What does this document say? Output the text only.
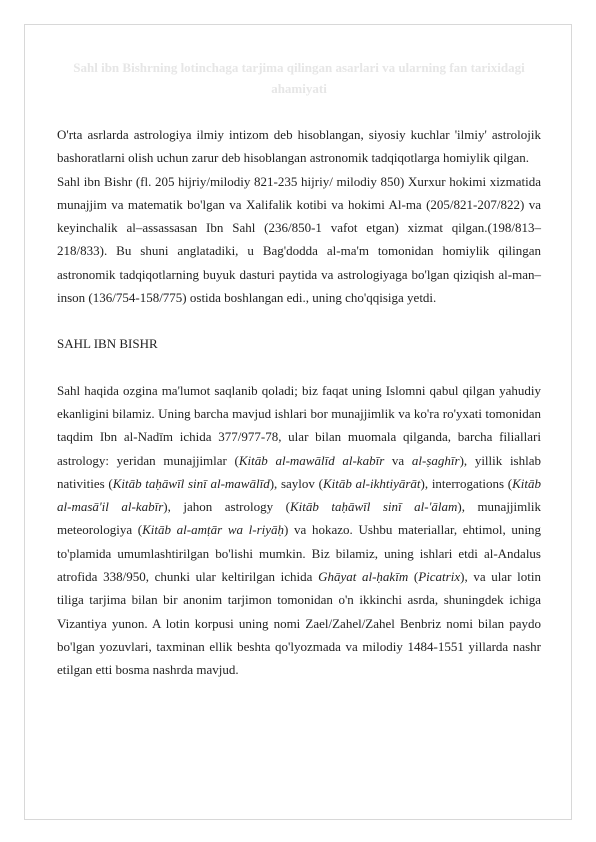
Sahl ibn Bishrning lotinchaga tarjima qilingan asarlari va ularning fan tarixidagi ahamiyati

O'rta asrlarda astrologiya ilmiy intizom deb hisoblangan, siyosiy kuchlar 'ilmiy' astrolojik bashoratlarni olish uchun zarur deb hisoblangan astronomik tadqiqotlarga homiylik qilgan.

Sahl ibn Bishr (fl. 205 hijriy/milodiy 821-235 hijriy/ milodiy 850) Xurxur hokimi xizmatida munajjim va matematik bo'lgan va Xalifalik kotibi va hokimi Al-ma (205/821-207/822) va keyinchalik al–assassasan Ibn Sahl (236/850-1 vafot etgan) xizmat qilgan.(198/813–218/833). Bu shuni anglatadiki, u Bag'dodda al-ma'm tomonidan homiylik qilingan astronomik tadqiqotlarning buyuk dasturi paytida va astrologiyaga bo'lgan qiziqish al-man–inson (136/754-158/775) ostida boshlangan edi., uning cho'qqisiga yetdi.

SAHL IBN BISHR

Sahl haqida ozgina ma'lumot saqlanib qoladi; biz faqat uning Islomni qabul qilgan yahudiy ekanligini bilamiz. Uning barcha mavjud ishlari bor munajjimlik va ko'ra ro'yxati tomonidan taqdim Ibn al-Nadīm ichida 377/977-78, ular bilan muomala qilganda, barcha filiallari astrology: yeridan munajjimlar (Kitāb al-mawālīd al-kabīr va al-ṣaghīr), yillik ishlab nativities (Kitāb taḥāwīl sinī al-mawālīd), saylov (Kitāb al-ikhtiyārāt), interrogations (Kitāb al-masā'il al-kabīr), jahon astrology (Kitāb taḥāwīl sinī al-'ālam), munajjimlik meteorologiya (Kitāb al-amṭār wa l-riyāḥ) va hokazo. Ushbu materiallar, ehtimol, uning to'plamida umumlashtirilgan bo'lishi mumkin. Biz bilamiz, uning ishlari etdi al-Andalus atrofida 338/950, chunki ular keltirilgan ichida Ghāyat al-ḥakīm (Picatrix), va ular lotin tiliga tarjima bilan bir anonim tarjimon tomonidan o'n ikkinchi asrda, shuningdek ichiga Vizantiya yunon. A lotin korpusi uning nomi Zael/Zahel/Zahel Benbriz nomi bilan paydo bo'lgan yozuvlari, taxminan ellik beshta qo'lyozmada va milodiy 1484-1551 yillarda nashr etilgan etti bosma nashrda mavjud.
